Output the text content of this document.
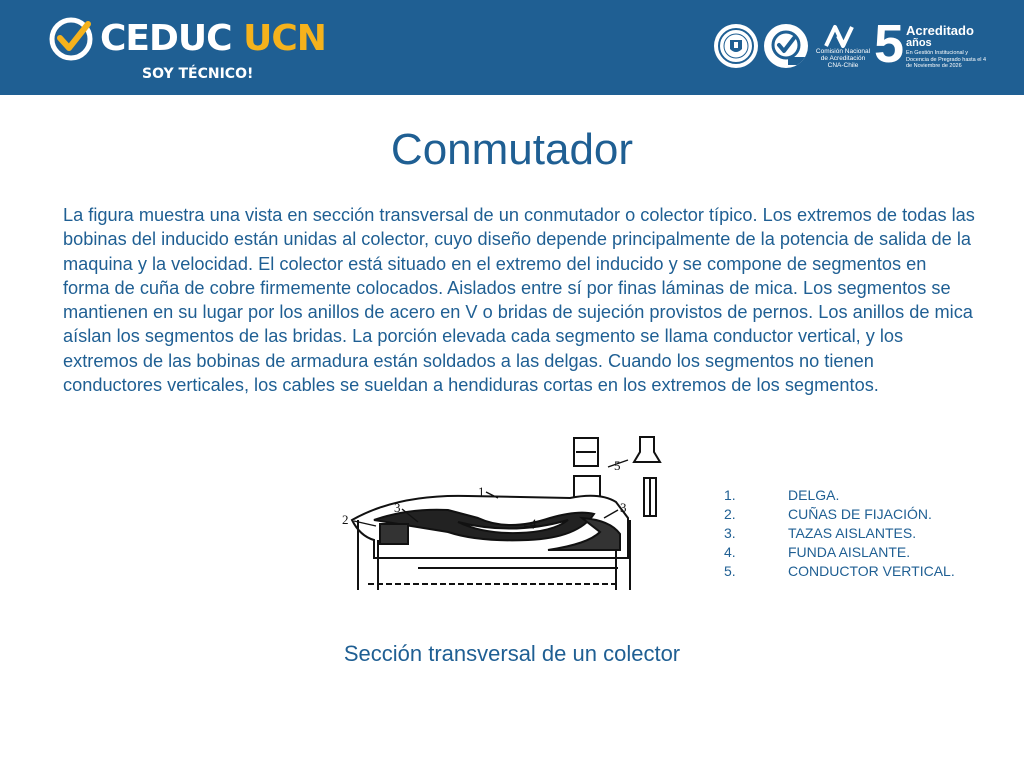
CEDUC UCN
SOY TÉCNICO!
Comisión Nacional de Acreditación
CNA-Chile 5 Acreditado
años
En Gestión Institucional y Docencia de Pregrado hasta el 4 de Noviembre de 2026
Conmutador

La figura muestra una vista en sección transversal de un conmutador o colector típico. Los extremos de todas las bobinas del inducido están unidas al colector, cuyo diseño depende principalmente de la potencia de salida de la maquina y la velocidad. El colector está situado en el extremo del inducido y se compone de segmentos en forma de cuña de cobre firmemente colocados. Aislados entre sí por finas láminas de mica. Los segmentos se mantienen en su lugar por los anillos de acero en V o bridas de sujeción provistos de pernos. Los anillos de mica aíslan los segmentos de las bridas. La porción elevada cada segmento se llama conductor vertical, y los extremos de las bobinas de armadura están soldados a las delgas. Cuando los segmentos no tienen conductores verticales, los cables se sueldan a hendiduras cortas en los extremos de los segmentos.

1
2
3	3
4
5
1.	DELGA.
2.	CUÑAS DE FIJACIÓN.
3.	TAZAS AISLANTES.
4.	FUNDA AISLANTE.
5.	CONDUCTOR VERTICAL.
Sección transversal de un colector
